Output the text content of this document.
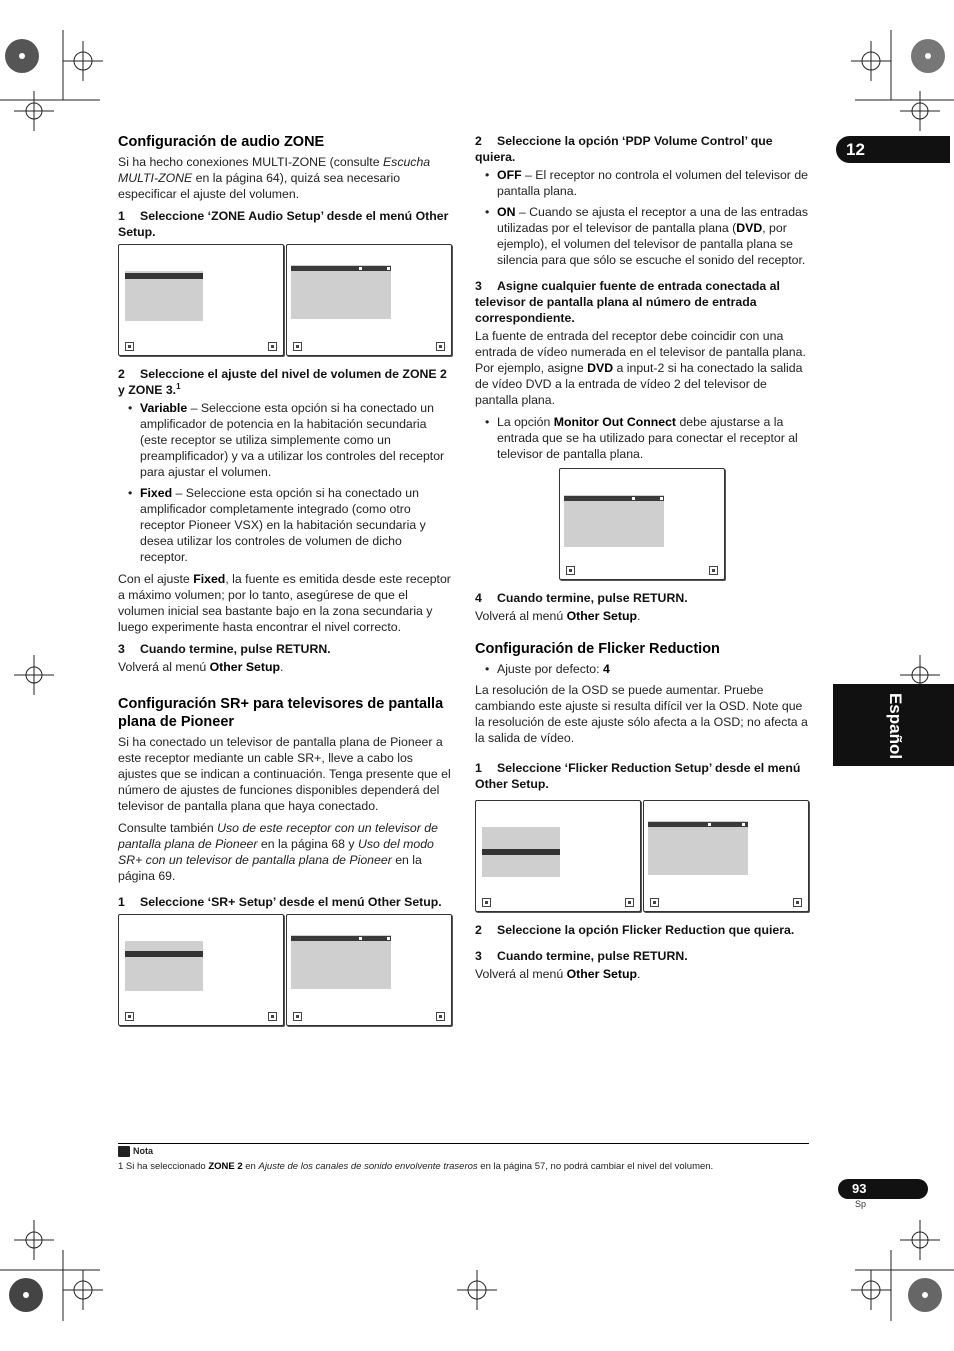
12
Español
Configuración de audio ZONE

Si ha hecho conexiones MULTI-ZONE (consulte Escucha MULTI-ZONE en la página 64), quizá sea necesario especificar el ajuste del volumen.

1 Seleccione ‘ZONE Audio Setup’ desde el menú Other Setup.
2 Seleccione el ajuste del nivel de volumen de ZONE 2 y ZONE 3.$^1$
• Variable – Seleccione esta opción si ha conectado un amplificador de potencia en la habitación secundaria (este receptor se utiliza simplemente como un preamplificador) y va a utilizar los controles del receptor para ajustar el volumen.
• Fixed – Seleccione esta opción si ha conectado un amplificador completamente integrado (como otro receptor Pioneer VSX) en la habitación secundaria y desea utilizar los controles de volumen de dicho receptor.

Con el ajuste Fixed, la fuente es emitida desde este receptor a máximo volumen; por lo tanto, asegúrese de que el volumen inicial sea bastante bajo en la zona secundaria y luego experimente hasta encontrar el nivel correcto.

3 Cuando termine, pulse RETURN.

Volverá al menú Other Setup.

Configuración SR+ para televisores de pantalla plana de Pioneer

Si ha conectado un televisor de pantalla plana de Pioneer a este receptor mediante un cable SR+, lleve a cabo los ajustes que se indican a continuación. Tenga presente que el número de ajustes de funciones disponibles dependerá del televisor de pantalla plana que haya conectado.

Consulte también Uso de este receptor con un televisor de pantalla plana de Pioneer en la página 68 y Uso del modo SR+ con un televisor de pantalla plana de Pioneer en la página 69.

1 Seleccione ‘SR+ Setup’ desde el menú Other Setup.
2 Seleccione la opción ‘PDP Volume Control’ que quiera.
• OFF – El receptor no controla el volumen del televisor de pantalla plana.
• ON – Cuando se ajusta el receptor a una de las entradas utilizadas por el televisor de pantalla plana (DVD, por ejemplo), el volumen del televisor de pantalla plana se silencia para que sólo se escuche el sonido del receptor.
3 Asigne cualquier fuente de entrada conectada al televisor de pantalla plana al número de entrada correspondiente.

La fuente de entrada del receptor debe coincidir con una entrada de vídeo numerada en el televisor de pantalla plana. Por ejemplo, asigne DVD a input-2 si ha conectado la salida de vídeo DVD a la entrada de vídeo 2 del televisor de pantalla plana.

• La opción Monitor Out Connect debe ajustarse a la entrada que se ha utilizado para conectar el receptor al televisor de pantalla plana.
4 Cuando termine, pulse RETURN.

Volverá al menú Other Setup.

Configuración de Flicker Reduction
• Ajuste por defecto: 4

La resolución de la OSD se puede aumentar. Pruebe cambiando este ajuste si resulta difícil ver la OSD. Note que la resolución de este ajuste sólo afecta a la OSD; no afecta a la salida de vídeo.

1 Seleccione ‘Flicker Reduction Setup’ desde el menú Other Setup.
2 Seleccione la opción Flicker Reduction que quiera.
3 Cuando termine, pulse RETURN.

Volverá al menú Other Setup.

Nota
1 Si ha seleccionado ZONE 2 en Ajuste de los canales de sonido envolvente traseros en la página 57, no podrá cambiar el nivel del volumen.
93
Sp
